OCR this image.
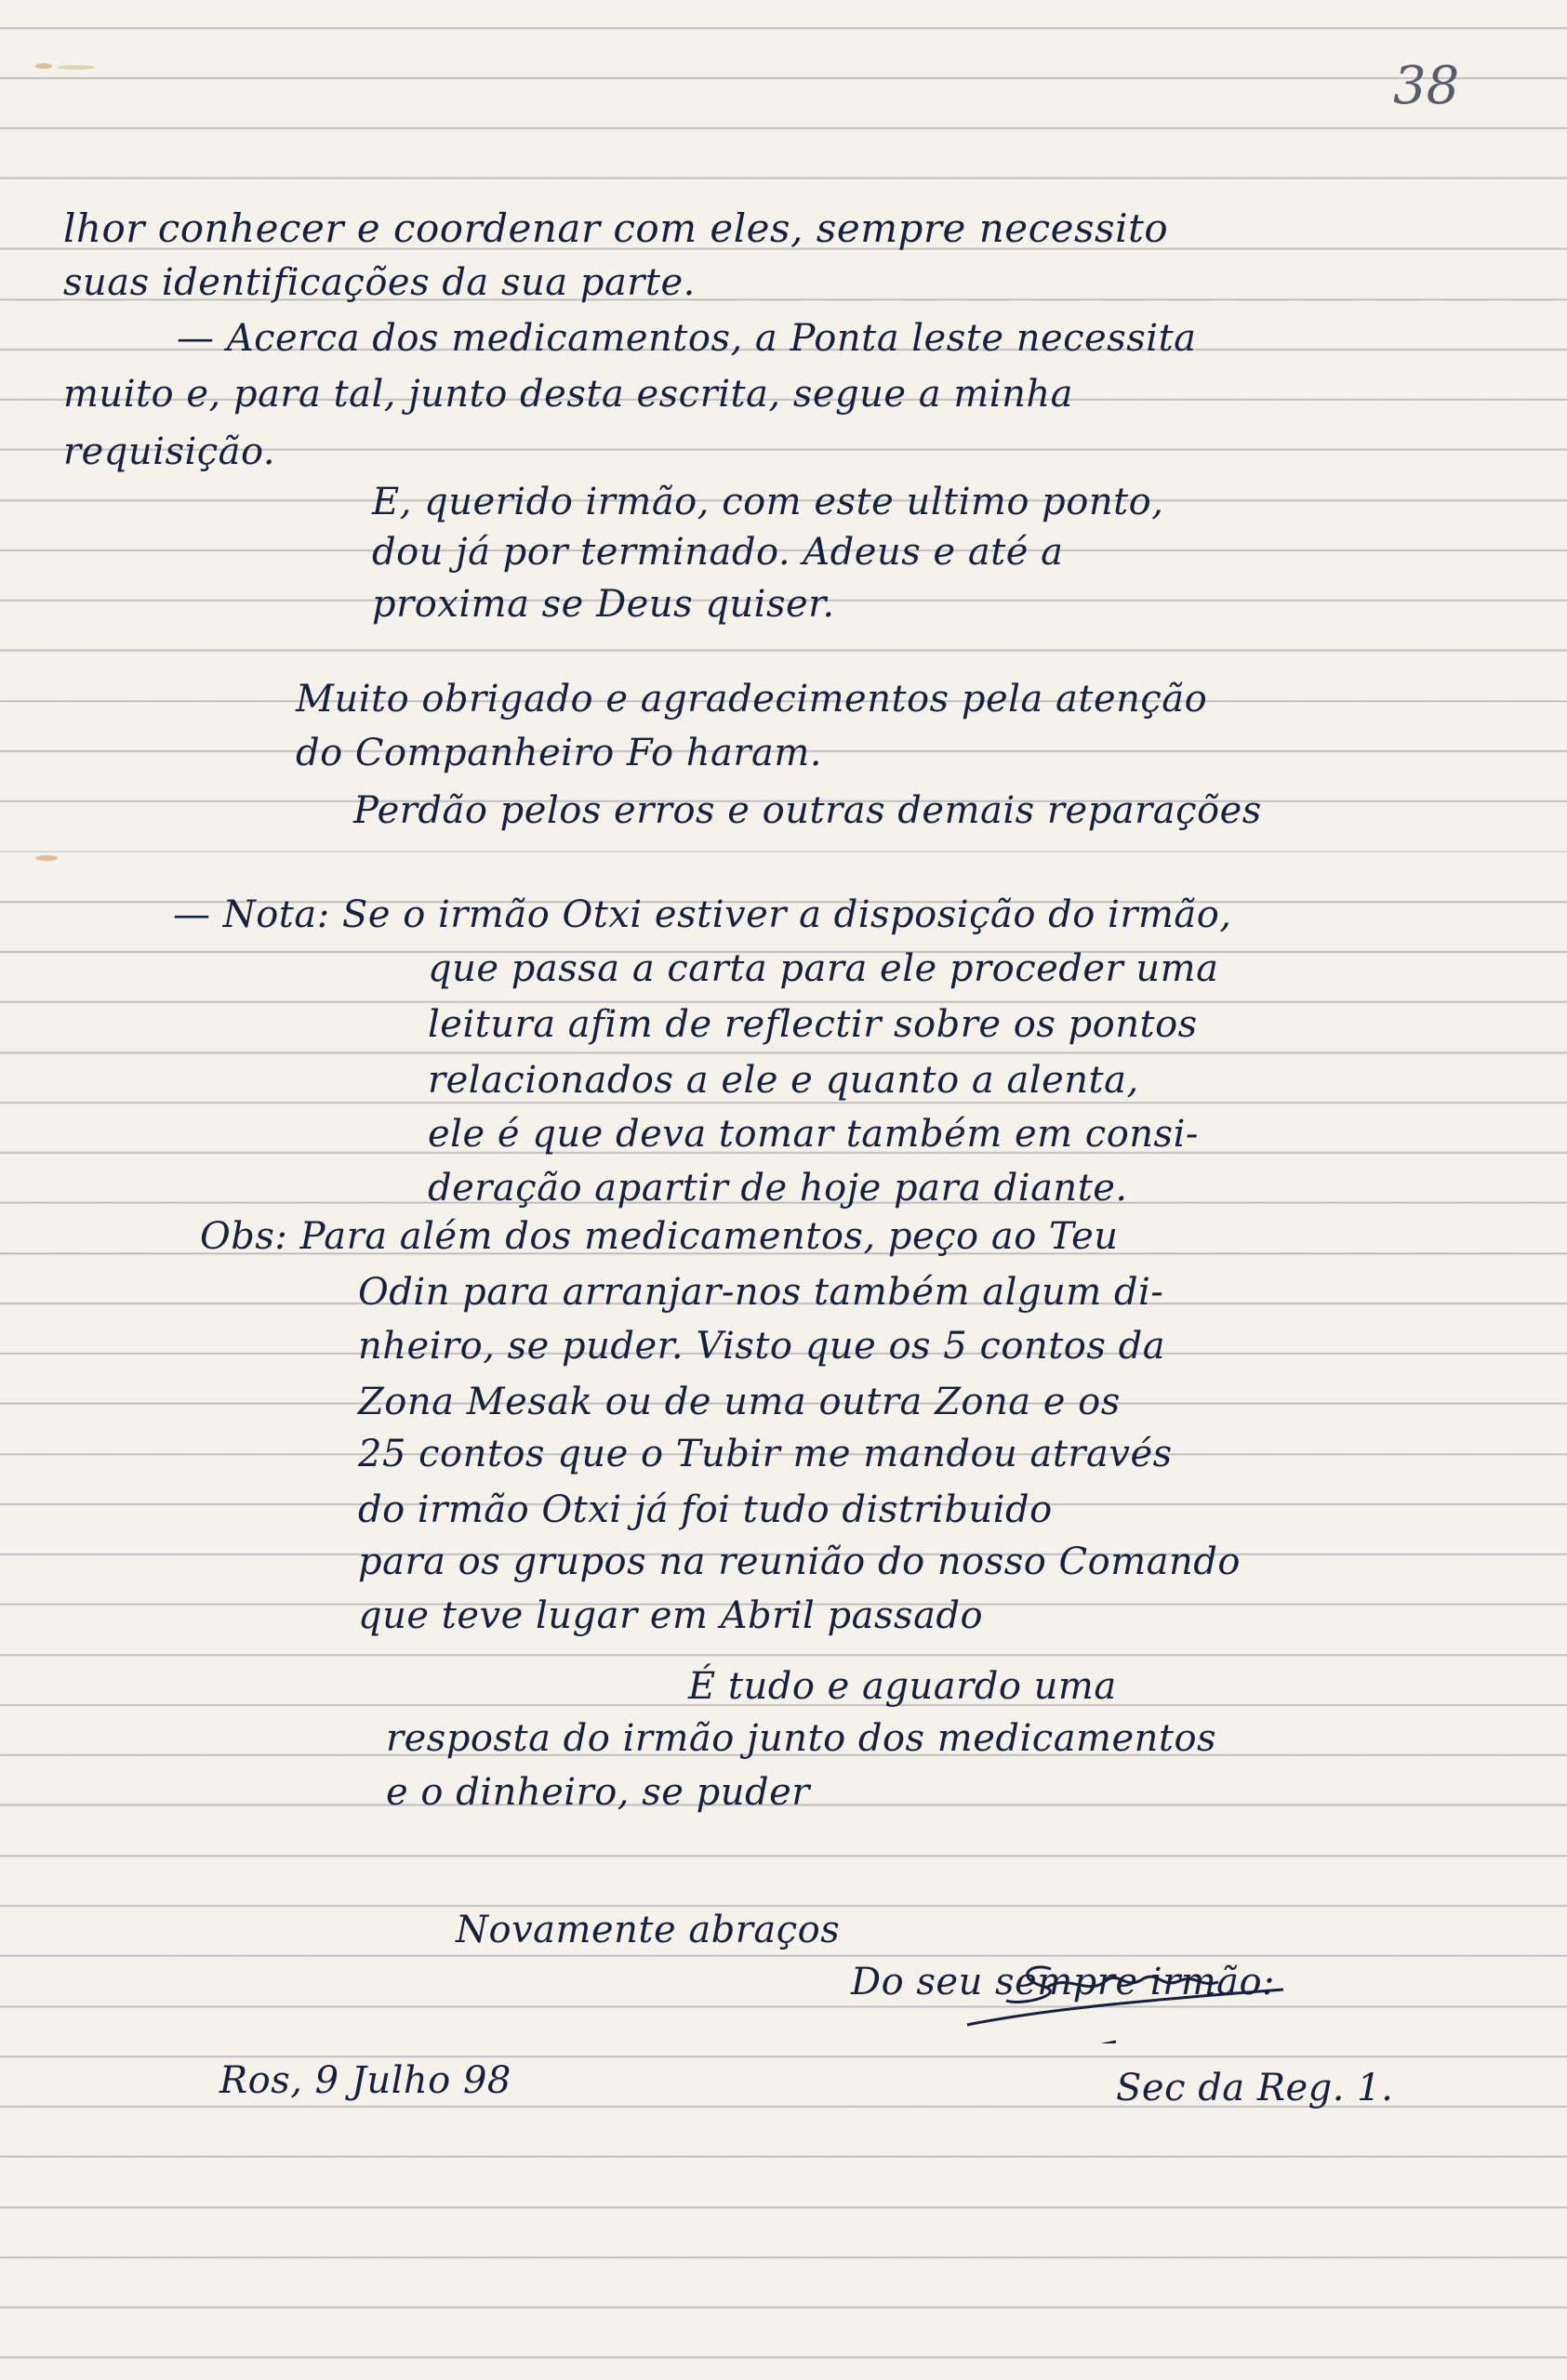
38
lhor conhecer e coordenar com eles, sempre necessito
suas identificações da sua parte.
— Acerca dos medicamentos, a Ponta leste necessita
muito e, para tal, junto desta escrita, segue a minha
requisição.
E, querido irmão, com este ultimo ponto,
dou já por terminado. Adeus e até a
proxima se Deus quiser.
Muito obrigado e agradecimentos pela atenção
do Companheiro Fo haram.
Perdão pelos erros e outras demais reparações
— Nota: Se o irmão Otxi estiver a disposição do irmão,
que passa a carta para ele proceder uma
leitura afim de reflectir sobre os pontos
relacionados a ele e quanto a alenta,
ele é que deva tomar também em consi-
deração apartir de hoje para diante.
Obs: Para além dos medicamentos, peço ao Teu
Odin para arranjar-nos também algum di-
nheiro, se puder. Visto que os 5 contos da
Zona Mesak ou de uma outra Zona e os
25 contos que o Tubir me mandou através
do irmão Otxi já foi tudo distribuido
para os grupos na reunião do nosso Comando
que teve lugar em Abril passado
É tudo e aguardo uma
resposta do irmão junto dos medicamentos
e o dinheiro, se puder
Novamente abraços
Do seu sempre irmão:
Ros, 9 Julho 98	Sec da Reg. 1.
